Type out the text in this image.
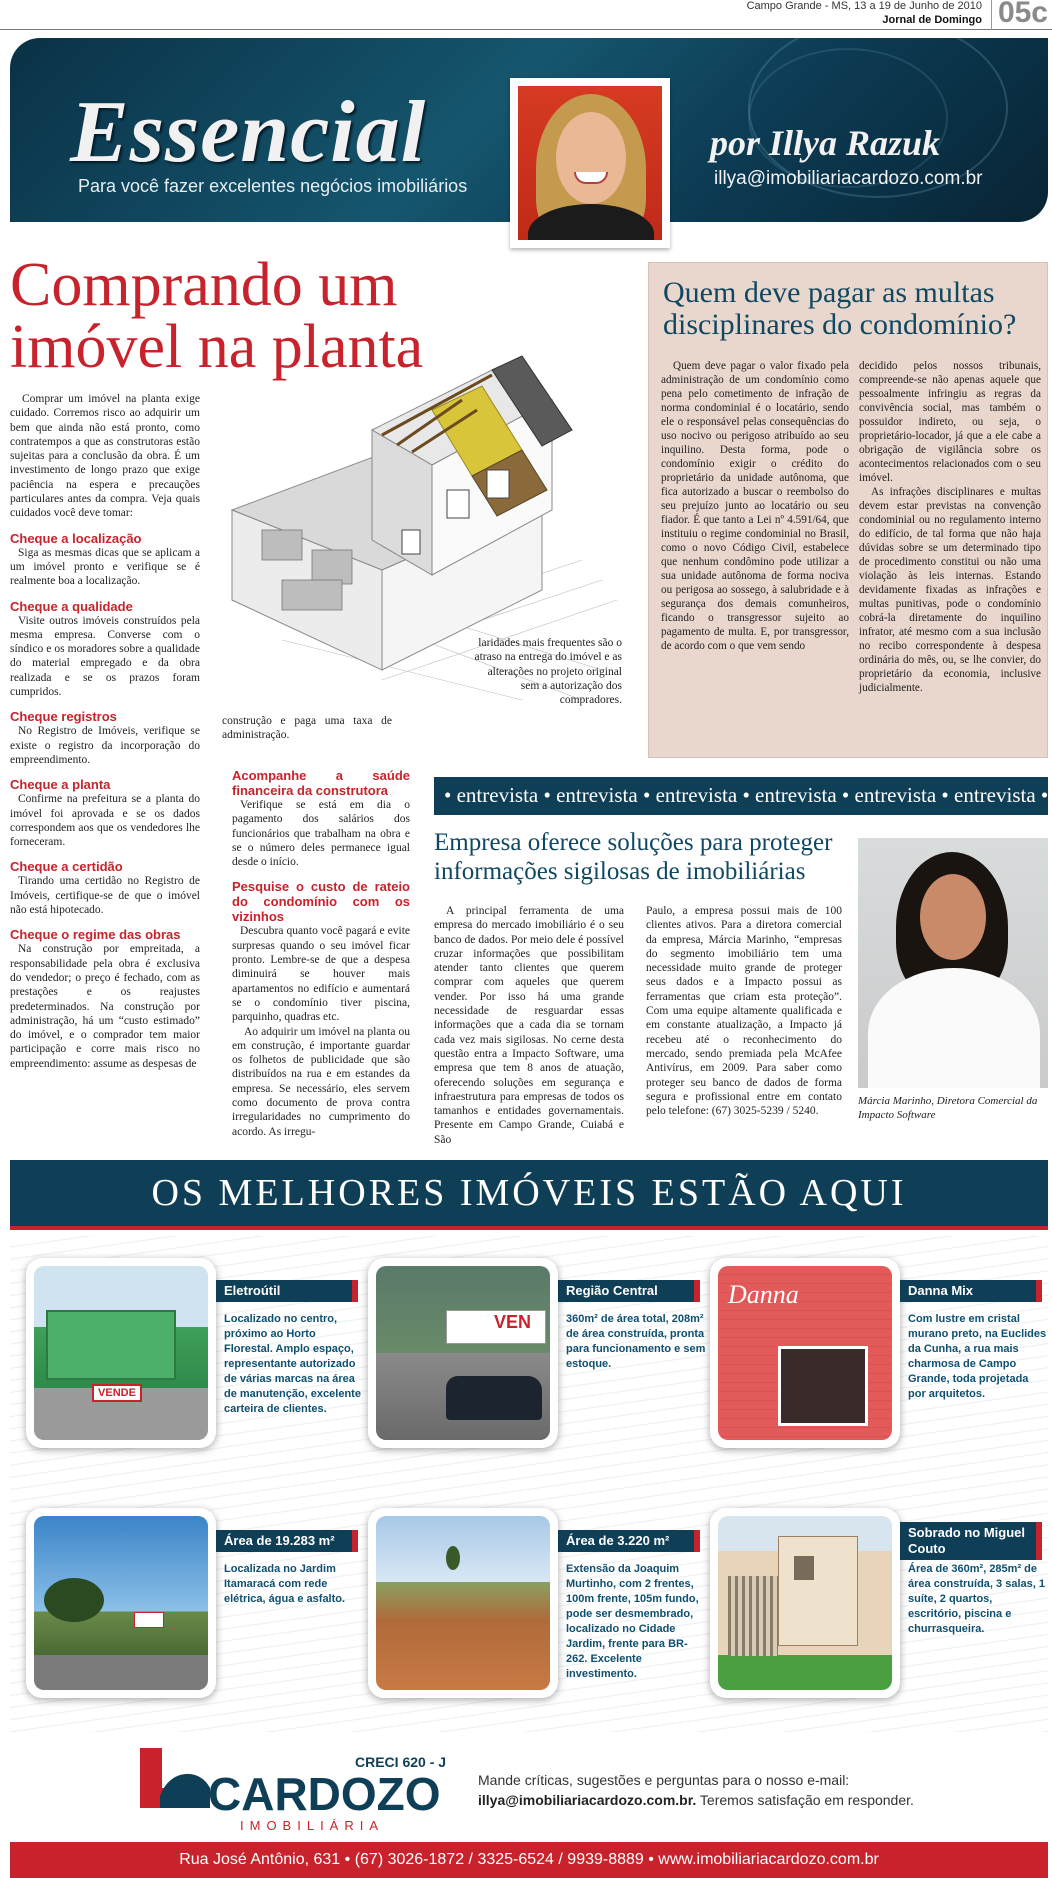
Campo Grande - MS, 13 a 19 de Junho de 2010
Jornal de Domingo 05c
Essencial
Para você fazer excelentes negócios imobiliários
por Illya Razuk
illya@imobiliariacardozo.com.br
Comprando um imóvel na planta

Comprar um imóvel na planta exige cuidado. Corremos risco ao adquirir um bem que ainda não está pronto, como contratempos a que as construtoras estão sujeitas para a conclusão da obra. É um investimento de longo prazo que exige paciência na espera e precauções particulares antes da compra. Veja quais cuidados você deve tomar:

Cheque a localização

Siga as mesmas dicas que se aplicam a um imóvel pronto e verifique se é realmente boa a localização.

Cheque a qualidade

Visite outros imóveis construídos pela mesma empresa. Converse com o síndico e os moradores sobre a qualidade do material empregado e da obra realizada e se os prazos foram cumpridos.

Cheque registros

No Registro de Imóveis, verifique se existe o registro da incorporação do empreendimento.

Cheque a planta

Confirme na prefeitura se a planta do imóvel foi aprovada e se os dados correspondem aos que os vendedores lhe forneceram.

Cheque a certidão

Tirando uma certidão no Registro de Imóveis, certifique-se de que o imóvel não está hipotecado.

Cheque o regime das obras

Na construção por empreitada, a responsabilidade pela obra é exclusiva do vendedor; o preço é fechado, com as prestações e os reajustes predeterminados. Na construção por administração, há um “custo estimado” do imóvel, e o comprador tem maior participação e corre mais risco no empreendimento: assume as despesas de

construção e paga uma taxa de administração.

Acompanhe a saúde financeira da construtora

Verifique se está em dia o pagamento dos salários dos funcionários que trabalham na obra e se o número deles permanece igual desde o início.

Pesquise o custo de rateio do condomínio com os vizinhos

Descubra quanto você pagará e evite surpresas quando o seu imóvel ficar pronto. Lembre-se de que a despesa diminuirá se houver mais apartamentos no edifício e aumentará se o condomínio tiver piscina, parquinho, quadras etc.

Ao adquirir um imóvel na planta ou em construção, é importante guardar os folhetos de publicidade que são distribuídos na rua e em estandes da empresa. Se necessário, eles servem como documento de prova contra irregularidades no cumprimento do acordo. As irregu-

laridades mais frequentes são o atraso na entrega do imóvel e as alterações no projeto original sem a autorização dos compradores.

Quem deve pagar as multas disciplinares do condomínio?

Quem deve pagar o valor fixado pela administração de um condomínio como pena pelo cometimento de infração de norma condominial é o locatário, sendo ele o responsável pelas consequências do uso nocivo ou perigoso atribuído ao seu inquilino. Desta forma, pode o condomínio exigir o crédito do proprietário da unidade autônoma, que fica autorizado a buscar o reembolso do seu prejuízo junto ao locatário ou seu fiador. É que tanto a Lei nº 4.591/64, que instituiu o regime condominial no Brasil, como o novo Código Civil, estabelece que nenhum condômino pode utilizar a sua unidade autônoma de forma nociva ou perigosa ao sossego, à salubridade e à segurança dos demais comunheiros, ficando o transgressor sujeito ao pagamento de multa. E, por transgressor, de acordo com o que vem sendo

decidido pelos nossos tribunais, compreende-se não apenas aquele que pessoalmente infringiu as regras da convivência social, mas também o possuidor indireto, ou seja, o proprietário-locador, já que a ele cabe a obrigação de vigilância sobre os acontecimentos relacionados com o seu imóvel.

As infrações disciplinares e multas devem estar previstas na convenção condominial ou no regulamento interno do edifício, de tal forma que não haja dúvidas sobre se um determinado tipo de procedimento constitui ou não uma violação às leis internas. Estando devidamente fixadas as infrações e multas punitivas, pode o condomínio cobrá-la diretamente do inquilino infrator, até mesmo com a sua inclusão no recibo correspondente à despesa ordinária do mês, ou, se lhe convier, do proprietário da economia, inclusive judicialmente.

• entrevista • entrevista • entrevista • entrevista • entrevista • entrevista •
Empresa oferece soluções para proteger informações sigilosas de imobiliárias

A principal ferramenta de uma empresa do mercado imobiliário é o seu banco de dados. Por meio dele é possível cruzar informações que possibilitam atender tanto clientes que querem comprar com aqueles que querem vender. Por isso há uma grande necessidade de resguardar essas informações que a cada dia se tornam cada vez mais sigilosas. No cerne desta questão entra a Impacto Software, uma empresa que tem 8 anos de atuação, oferecendo soluções em segurança e infraestrutura para empresas de todos os tamanhos e entidades governamentais. Presente em Campo Grande, Cuiabá e São

Paulo, a empresa possui mais de 100 clientes ativos. Para a diretora comercial da empresa, Márcia Marinho, “empresas do segmento imobiliário tem uma necessidade muito grande de proteger seus dados e a Impacto possui as ferramentas que criam esta proteção”. Com uma equipe altamente qualificada e em constante atualização, a Impacto já recebeu até o reconhecimento do mercado, sendo premiada pela McAfee Antivírus, em 2009. Para saber como proteger seu banco de dados de forma segura e profissional entre em contato pelo telefone: (67) 3025-5239 / 5240.

Márcia Marinho, Diretora Comercial da Impacto Software
OS MELHORES IMÓVEIS ESTÃO AQUI
VENDE
Eletroútil
Localizado no centro, próximo ao Horto Florestal. Amplo espaço, representante autorizado de várias marcas na área de manutenção, excelente carteira de clientes.
VEN
Região Central
360m² de área total, 208m² de área construída, pronta para funcionamento e sem estoque.
Danna	Danna Mix
Com lustre em cristal murano preto, na Euclides da Cunha, a rua mais charmosa de Campo Grande, toda projetada por arquitetos.
Área de 19.283 m²
Localizada no Jardim Itamaracá com rede elétrica, água e asfalto.
Área de 3.220 m²
Extensão da Joaquim Murtinho, com 2 frentes, 100m frente, 105m fundo, pode ser desmembrado, localizado no Cidade Jardim, frente para BR-262. Excelente investimento.
Sobrado no Miguel Couto
Área de 360m², 285m² de área construída, 3 salas, 1 suíte, 2 quartos, escritório, piscina e churrasqueira.
CARDOZO
IMOBILIÁRIA
CRECI 620 - J
Mande críticas, sugestões e perguntas para o nosso e-mail:
illya@imobiliariacardozo.com.br. Teremos satisfação em responder.
Rua José Antônio, 631 • (67) 3026-1872 / 3325-6524 / 9939-8889 • www.imobiliariacardozo.com.br
